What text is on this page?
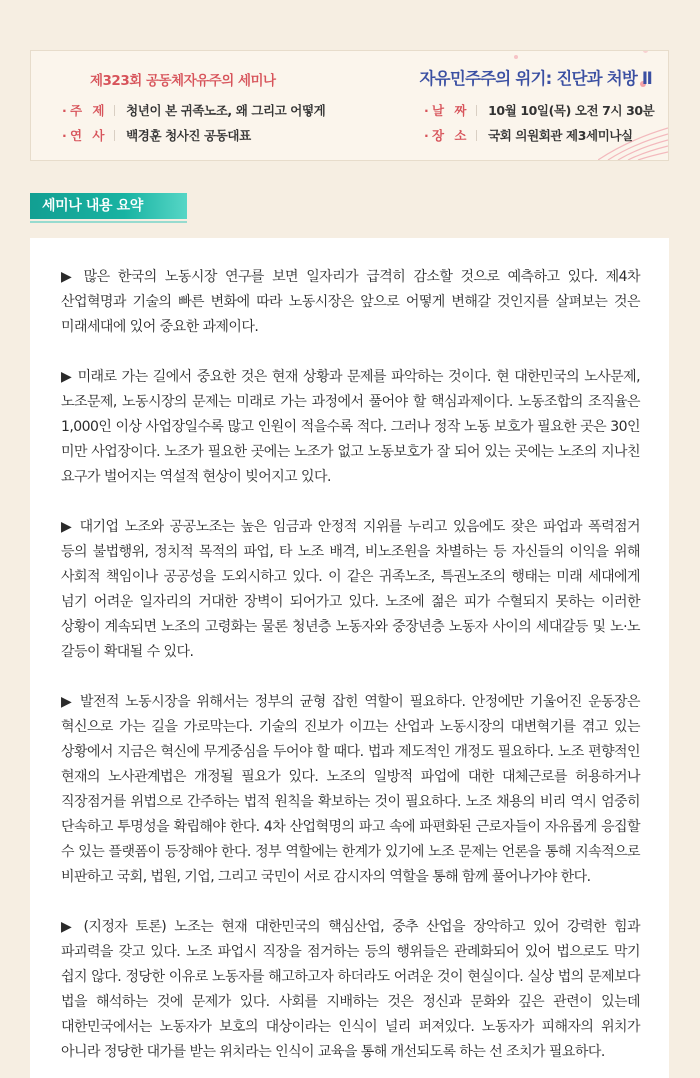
제323회 공동체자유주의 세미나	자유민주주의 위기: 진단과 처방 Ⅱ
· 주 제 청년이 본 귀족노조, 왜 그리고 어떻게
· 연 사 백경훈 청사진 공동대표
· 날 짜 10월 10일(목) 오전 7시 30분
· 장 소 국회 의원회관 제3세미나실
세미나 내용 요약

▶ 많은 한국의 노동시장 연구를 보면 일자리가 급격히 감소할 것으로 예측하고 있다. 제4차 산업혁명과 기술의 빠른 변화에 따라 노동시장은 앞으로 어떻게 변해갈 것인지를 살펴보는 것은 미래세대에 있어 중요한 과제이다.

▶ 미래로 가는 길에서 중요한 것은 현재 상황과 문제를 파악하는 것이다. 현 대한민국의 노사문제, 노조문제, 노동시장의 문제는 미래로 가는 과정에서 풀어야 할 핵심과제이다. 노동조합의 조직율은 1,000인 이상 사업장일수록 많고 인원이 적을수록 적다. 그러나 정작 노동 보호가 필요한 곳은 30인 미만 사업장이다. 노조가 필요한 곳에는 노조가 없고 노동보호가 잘 되어 있는 곳에는 노조의 지나친 요구가 벌어지는 역설적 현상이 빚어지고 있다.

▶ 대기업 노조와 공공노조는 높은 임금과 안정적 지위를 누리고 있음에도 잦은 파업과 폭력점거 등의 불법행위, 정치적 목적의 파업, 타 노조 배격, 비노조원을 차별하는 등 자신들의 이익을 위해 사회적 책임이나 공공성을 도외시하고 있다. 이 같은 귀족노조, 특권노조의 행태는 미래 세대에게 넘기 어려운 일자리의 거대한 장벽이 되어가고 있다. 노조에 젊은 피가 수혈되지 못하는 이러한 상황이 계속되면 노조의 고령화는 물론 청년층 노동자와 중장년층 노동자 사이의 세대갈등 및 노·노 갈등이 확대될 수 있다.

▶ 발전적 노동시장을 위해서는 정부의 균형 잡힌 역할이 필요하다. 안정에만 기울어진 운동장은 혁신으로 가는 길을 가로막는다. 기술의 진보가 이끄는 산업과 노동시장의 대변혁기를 겪고 있는 상황에서 지금은 혁신에 무게중심을 두어야 할 때다. 법과 제도적인 개정도 필요하다. 노조 편향적인 현재의 노사관계법은 개정될 필요가 있다. 노조의 일방적 파업에 대한 대체근로를 허용하거나 직장점거를 위법으로 간주하는 법적 원칙을 확보하는 것이 필요하다. 노조 채용의 비리 역시 엄중히 단속하고 투명성을 확립해야 한다. 4차 산업혁명의 파고 속에 파편화된 근로자들이 자유롭게 응집할 수 있는 플랫폼이 등장해야 한다. 정부 역할에는 한계가 있기에 노조 문제는 언론을 통해 지속적으로 비판하고 국회, 법원, 기업, 그리고 국민이 서로 감시자의 역할을 통해 함께 풀어나가야 한다.

▶ (지정자 토론) 노조는 현재 대한민국의 핵심산업, 중추 산업을 장악하고 있어 강력한 힘과 파괴력을 갖고 있다. 노조 파업시 직장을 점거하는 등의 행위들은 관례화되어 있어 법으로도 막기 쉽지 않다. 정당한 이유로 노동자를 해고하고자 하더라도 어려운 것이 현실이다. 실상 법의 문제보다 법을 해석하는 것에 문제가 있다. 사회를 지배하는 것은 정신과 문화와 깊은 관련이 있는데 대한민국에서는 노동자가 보호의 대상이라는 인식이 널리 퍼져있다. 노동자가 피해자의 위치가 아니라 정당한 대가를 받는 위치라는 인식이 교육을 통해 개선되도록 하는 선 조치가 필요하다.
